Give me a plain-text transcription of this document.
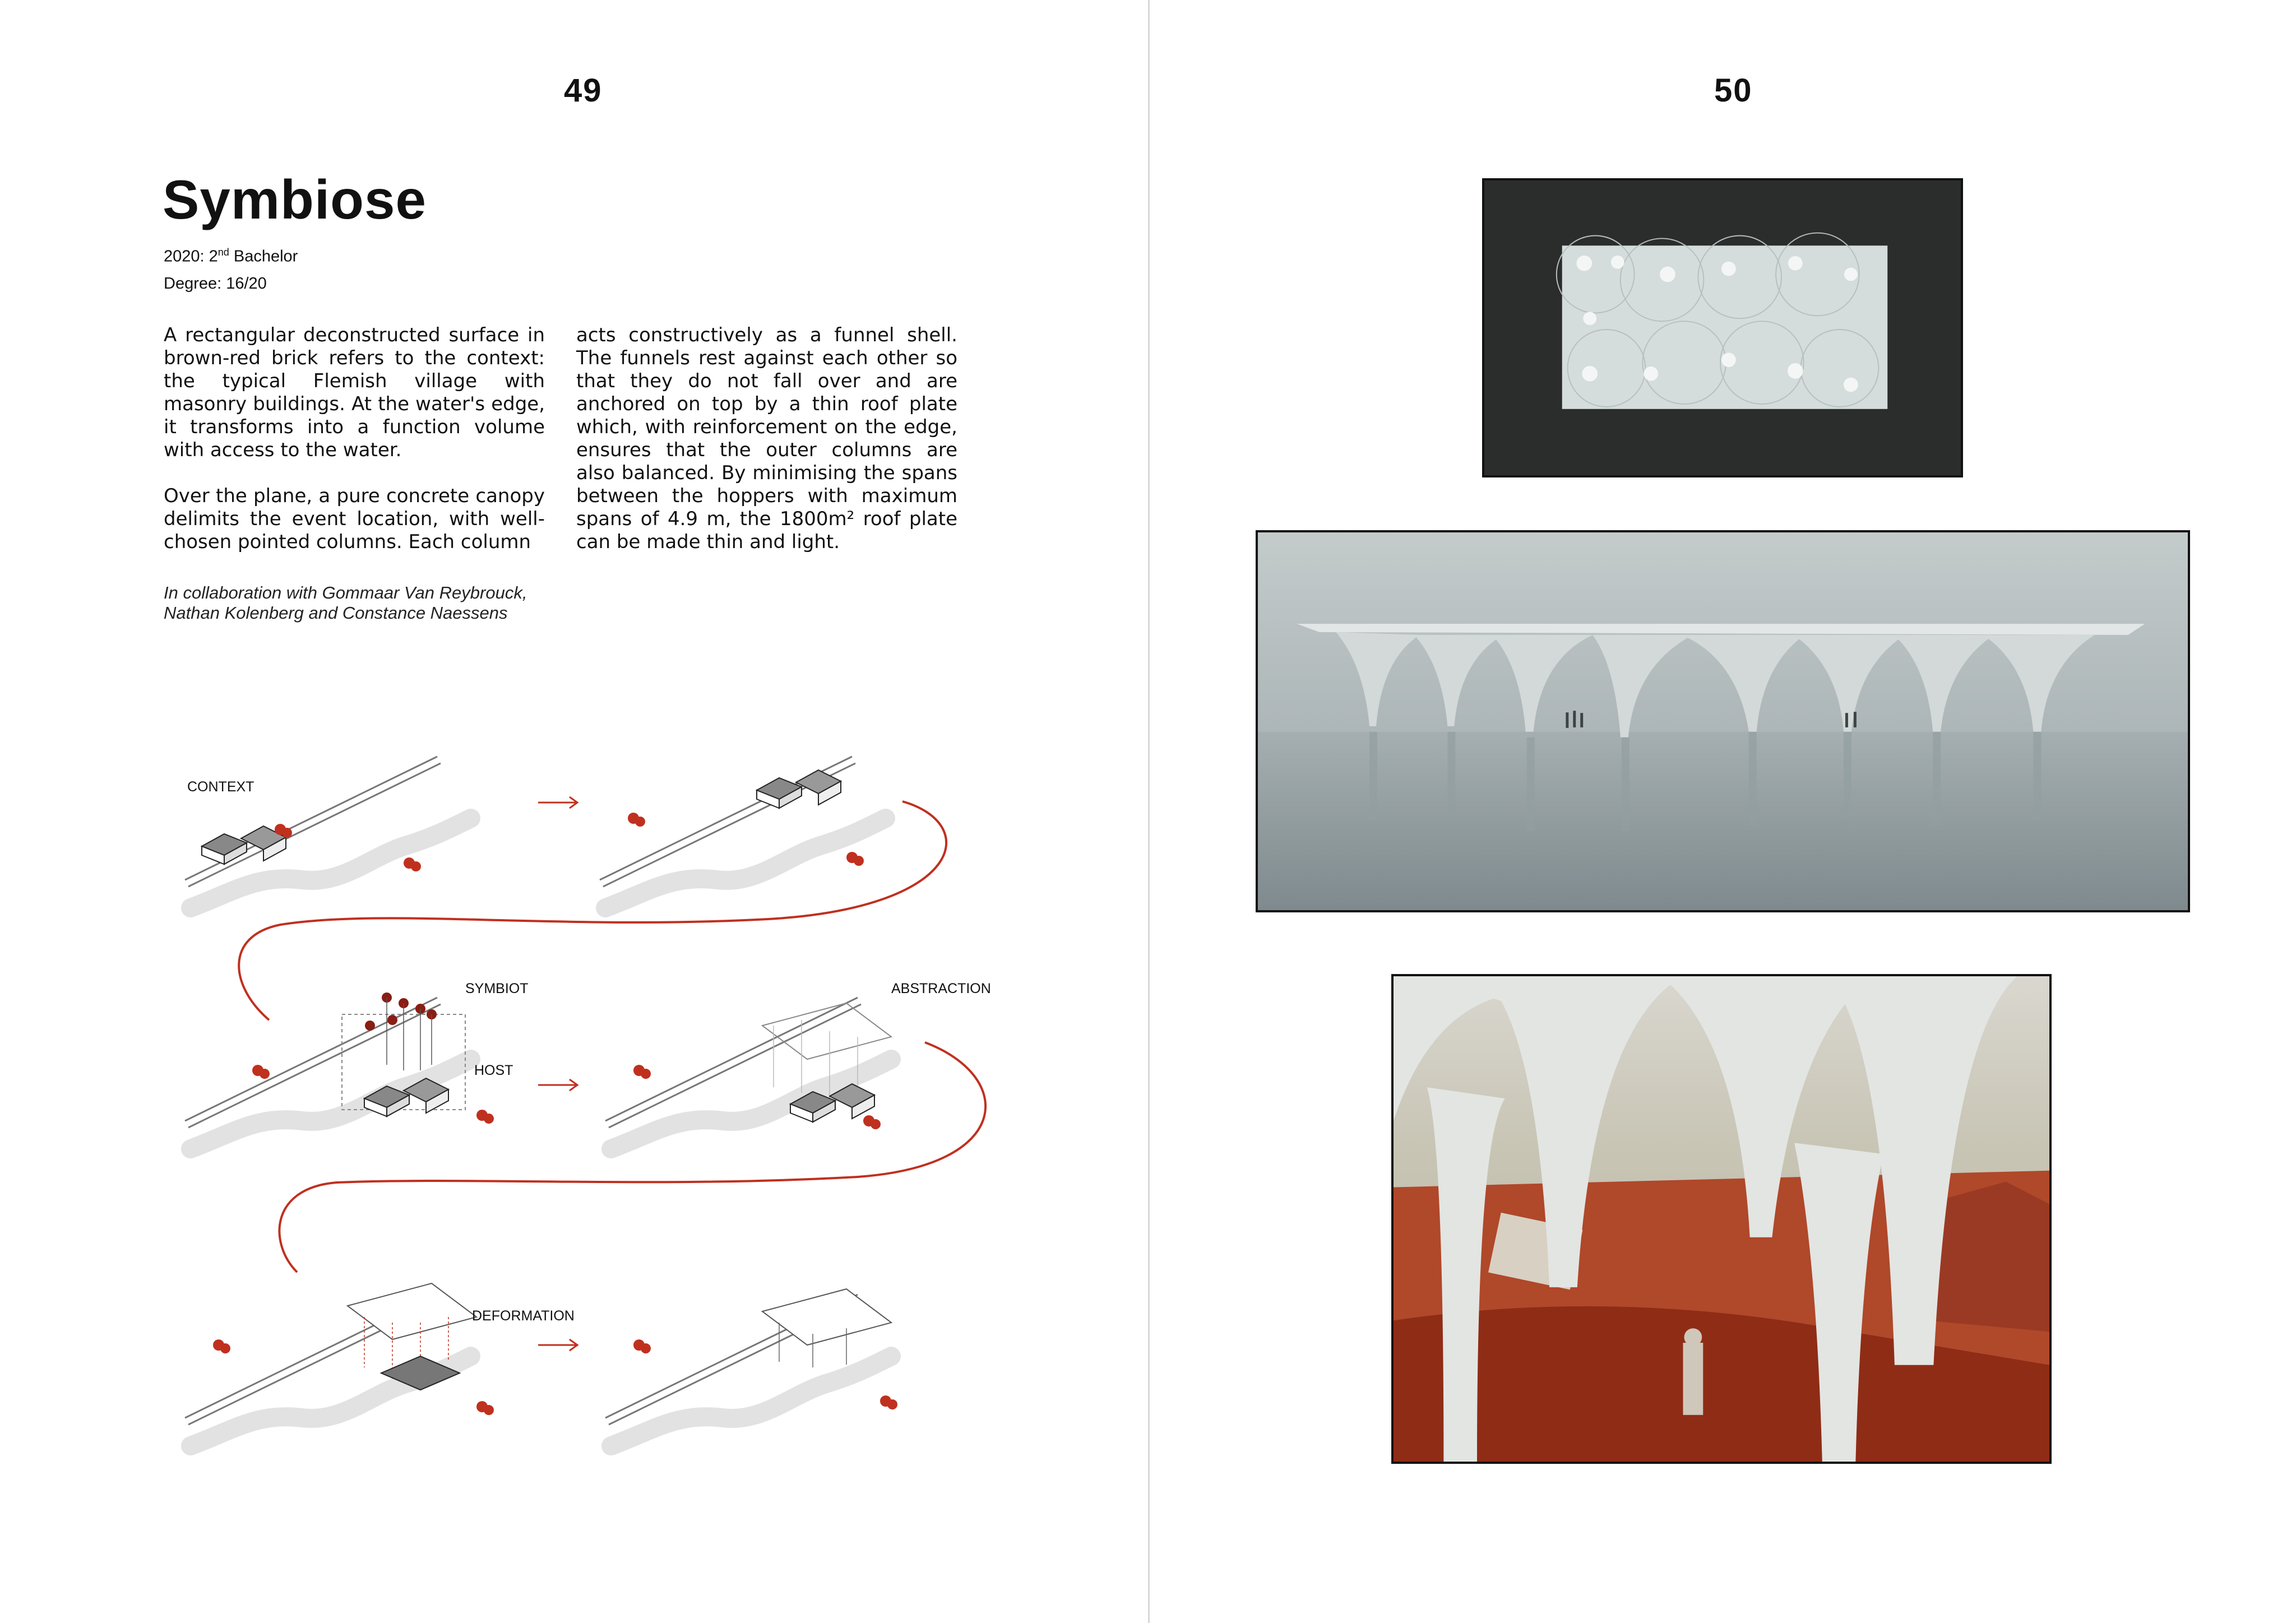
49
Symbiose
2020: 2nd Bachelor
Degree: 16/20

A rectangular deconstructed surface in brown-red brick refers to the context: the typical Flemish village with masonry buildings. At the water's edge, it transforms into a function volume with access to the water.

Over the plane, a pure concrete canopy delimits the event location, with well-chosen pointed columns. Each column

acts constructively as a funnel shell. The funnels rest against each other so that they do not fall over and are anchored on top by a thin roof plate which, with reinforcement on the edge, ensures that the outer columns are also balanced. By minimising the spans between the hoppers with maximum spans of 4.9 m, the 1800m² roof plate can be made thin and light.

In collaboration with Gommaar Van Reybrouck,
Nathan Kolenberg and Constance Naessens
CONTEXT
SYMBIOT
HOST
ABSTRACTION
DEFORMATION
50
